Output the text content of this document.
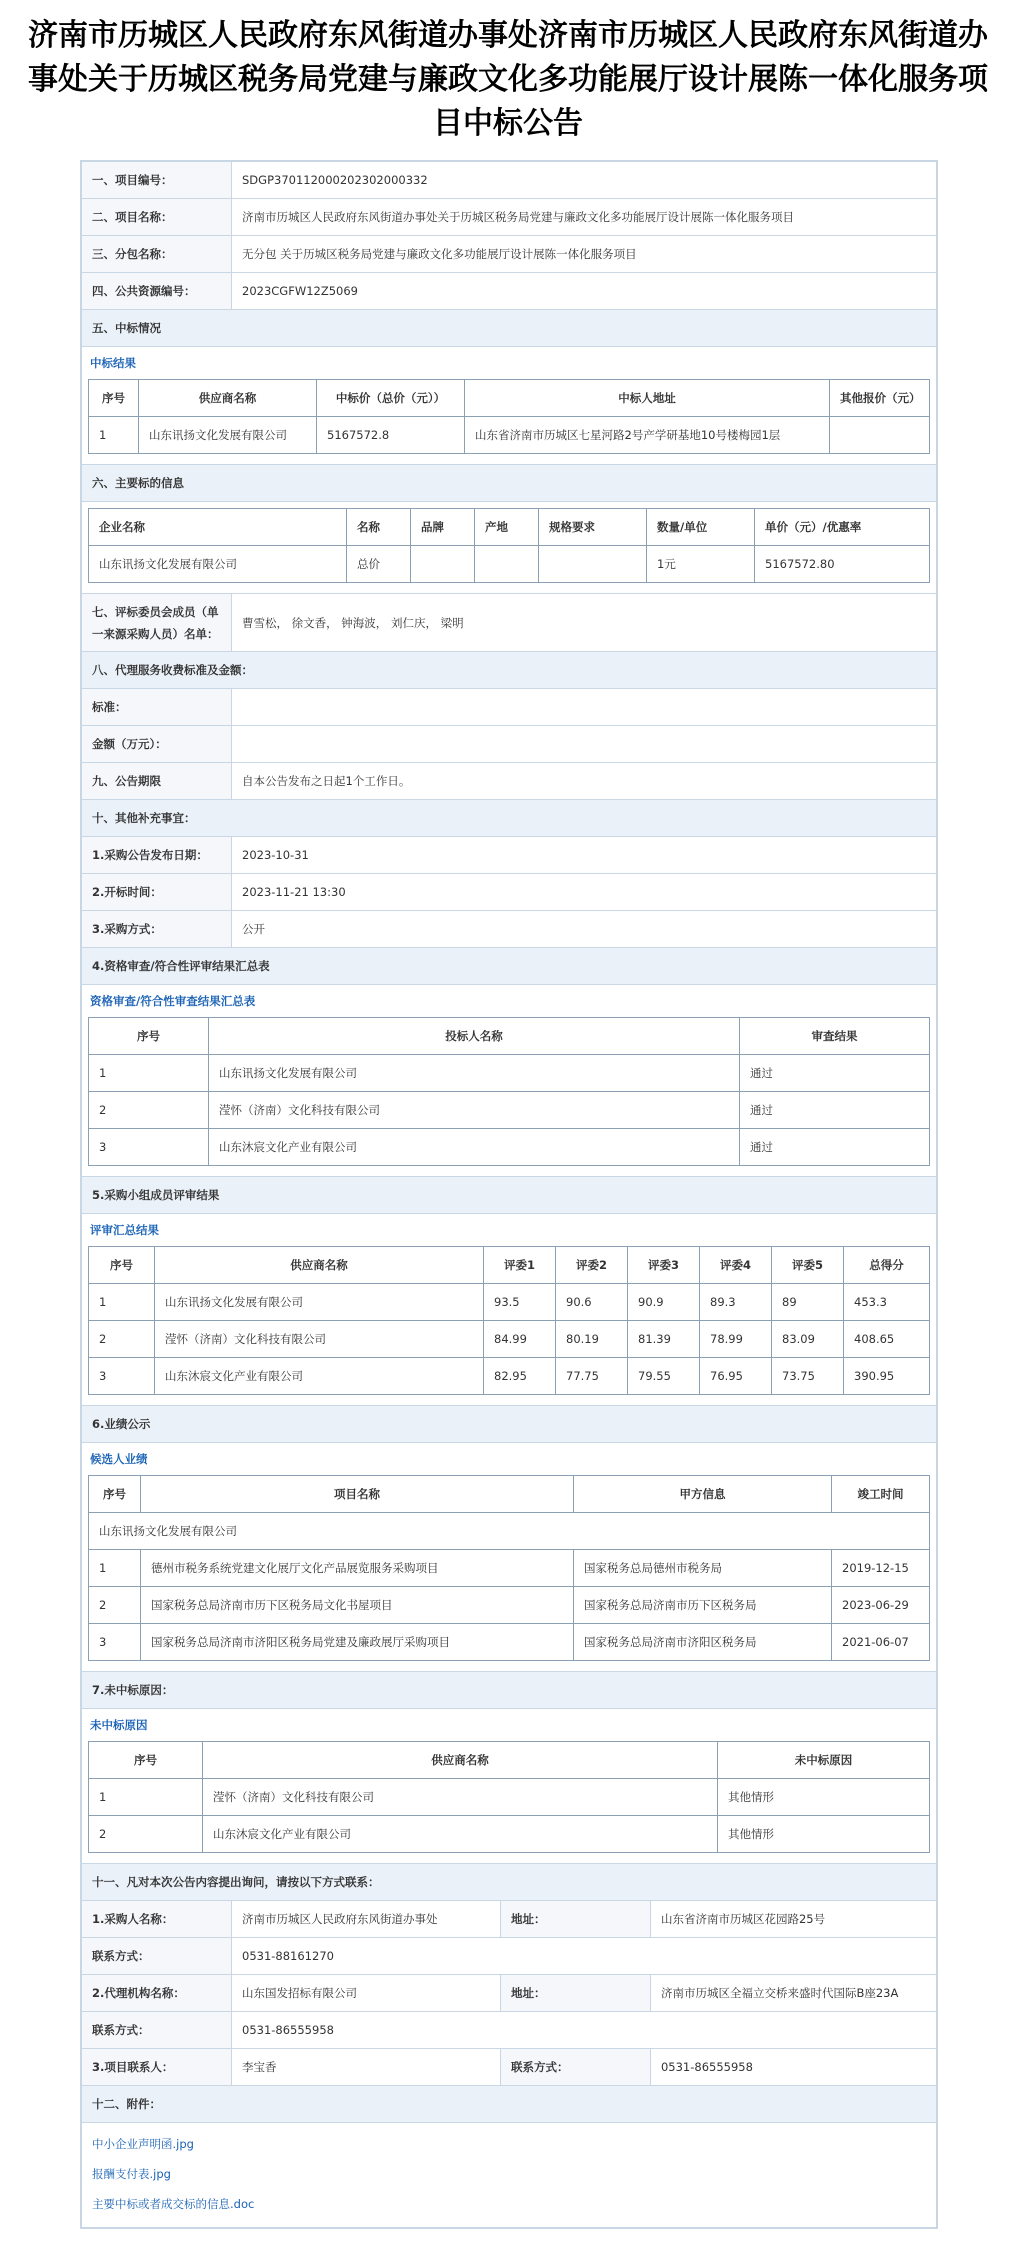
济南市历城区人民政府东风街道办事处济南市历城区人民政府东风街道办事处关于历城区税务局党建与廉政文化多功能展厅设计展陈一体化服务项目中标公告
一、项目编号：	SDGP370112000202302000332
二、项目名称：	济南市历城区人民政府东风街道办事处关于历城区税务局党建与廉政文化多功能展厅设计展陈一体化服务项目
三、分包名称：	无分包 关于历城区税务局党建与廉政文化多功能展厅设计展陈一体化服务项目
四、公共资源编号：	2023CGFW12Z5069
五、中标情况

中标结果
序号	供应商名称	中标价（总价（元））	中标人地址	其他报价（元）
1	山东讯扬文化发展有限公司	5167572.8	山东省济南市历城区七星河路2号产学研基地10号楼梅园1层	

六、主要标的信息

企业名称	名称	品牌	产地	规格要求	数量/单位	单价（元）/优惠率
山东讯扬文化发展有限公司	总价				1元	5167572.80

七、评标委员会成员（单一来源采购人员）名单：	曹雪松， 徐文香， 钟海波， 刘仁庆， 梁明
八、代理服务收费标准及金额：
标准：	
金额（万元）：	
九、公告期限	自本公告发布之日起1个工作日。
十、其他补充事宜：
1.采购公告发布日期：	2023-10-31
2.开标时间：	2023-11-21 13:30
3.采购方式：	公开
4.资格审查/符合性评审结果汇总表

资格审查/符合性审查结果汇总表
序号	投标人名称	审查结果
1	山东讯扬文化发展有限公司	通过
2	滢怀（济南）文化科技有限公司	通过
3	山东沐宸文化产业有限公司	通过

5.采购小组成员评审结果

评审汇总结果
序号	供应商名称	评委1	评委2	评委3	评委4	评委5	总得分
1	山东讯扬文化发展有限公司	93.5	90.6	90.9	89.3	89	453.3
2	滢怀（济南）文化科技有限公司	84.99	80.19	81.39	78.99	83.09	408.65
3	山东沐宸文化产业有限公司	82.95	77.75	79.55	76.95	73.75	390.95

6.业绩公示

候选人业绩
序号	项目名称	甲方信息	竣工时间
山东讯扬文化发展有限公司
1	德州市税务系统党建文化展厅文化产品展览服务采购项目	国家税务总局德州市税务局	2019-12-15
2	国家税务总局济南市历下区税务局文化书屋项目	国家税务总局济南市历下区税务局	2023-06-29
3	国家税务总局济南市济阳区税务局党建及廉政展厅采购项目	国家税务总局济南市济阳区税务局	2021-06-07

7.未中标原因：

未中标原因
序号	供应商名称	未中标原因
1	滢怀（济南）文化科技有限公司	其他情形
2	山东沐宸文化产业有限公司	其他情形

十一、凡对本次公告内容提出询问，请按以下方式联系：
1.采购人名称：	济南市历城区人民政府东风街道办事处	地址：	山东省济南市历城区花园路25号
联系方式：	0531-88161270
2.代理机构名称：	山东国发招标有限公司	地址：	济南市历城区全福立交桥来盛时代国际B座23A
联系方式：	0531-86555958
3.项目联系人：	李宝香	联系方式：	0531-86555958
十二、附件：

中小企业声明函.jpg
报酬支付表.jpg
主要中标或者成交标的信息.doc
